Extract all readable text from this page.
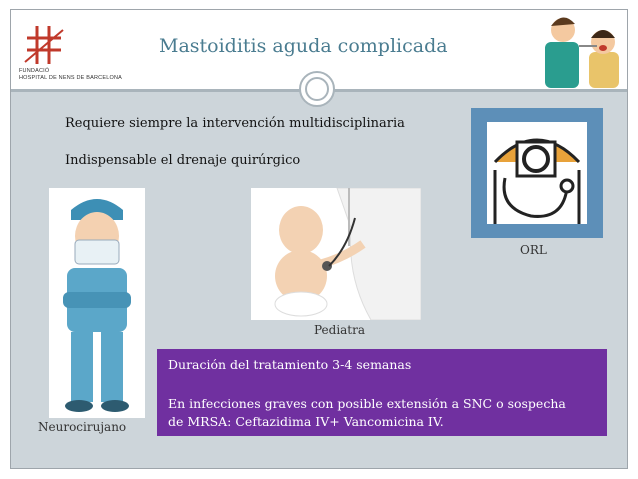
FUNDACIÓ
HOSPITAL DE NENS DE BARCELONA
Mastoiditis aguda complicada
Requiere siempre la intervención multidisciplinaria
Indispensable el drenaje quirúrgico
ORL
Pediatra
Neurocirujano
Duración del tratamiento 3-4 semanas
En infecciones graves con posible extensión a SNC o sospecha
de MRSA: Ceftazidima IV+ Vancomicina IV.
